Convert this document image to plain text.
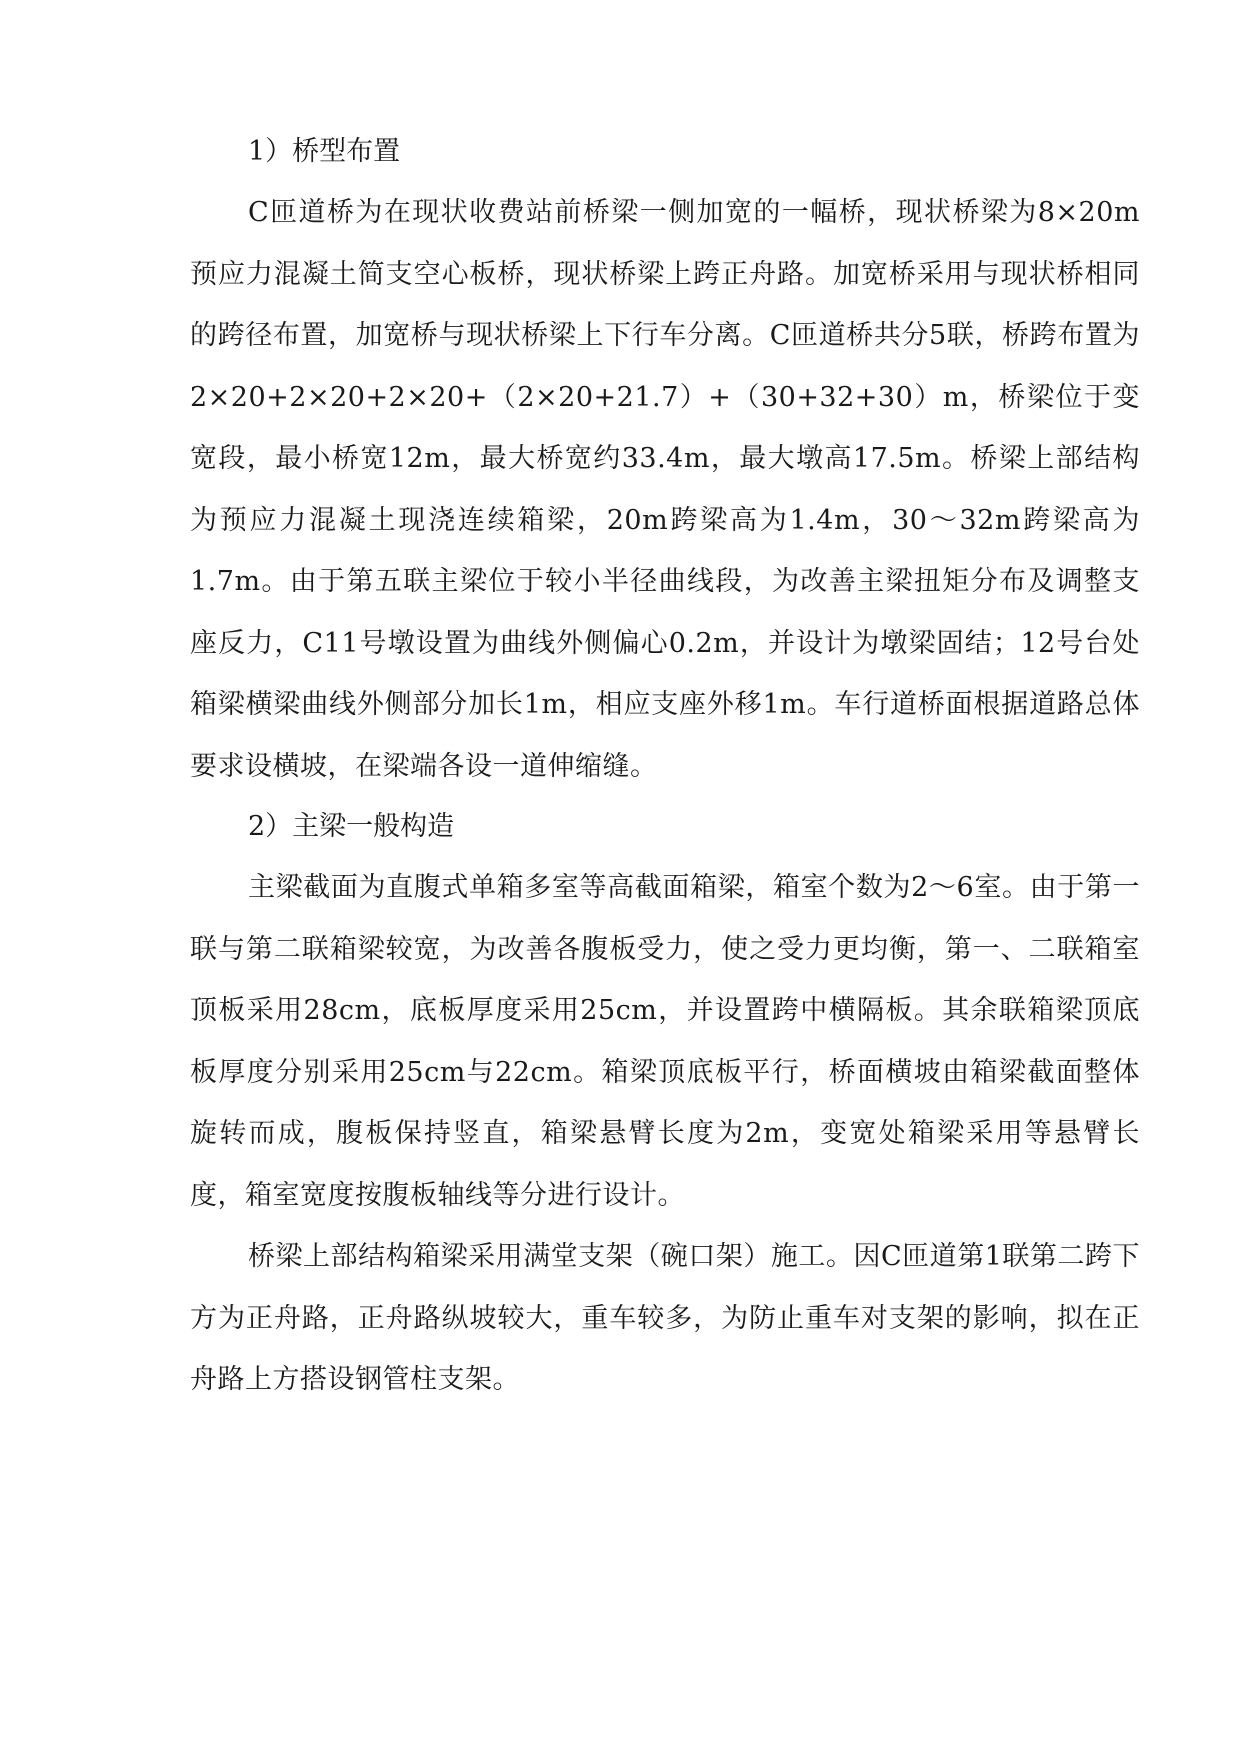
1）桥型布置

C匝道桥为在现状收费站前桥梁一侧加宽的一幅桥，现状桥梁为8×20m预应力混凝土简支空心板桥，现状桥梁上跨正舟路。加宽桥采用与现状桥相同的跨径布置，加宽桥与现状桥梁上下行车分离。C匝道桥共分5联，桥跨布置为2×20+2×20+2×20+（2×20+21.7）+（30+32+30）m，桥梁位于变宽段，最小桥宽12m，最大桥宽约33.4m，最大墩高17.5m。桥梁上部结构为预应力混凝土现浇连续箱梁，20m跨梁高为1.4m，30～32m跨梁高为1.7m。由于第五联主梁位于较小半径曲线段，为改善主梁扭矩分布及调整支座反力，C11号墩设置为曲线外侧偏心0.2m，并设计为墩梁固结；12号台处箱梁横梁曲线外侧部分加长1m，相应支座外移1m。车行道桥面根据道路总体要求设横坡，在梁端各设一道伸缩缝。

2）主梁一般构造

主梁截面为直腹式单箱多室等高截面箱梁，箱室个数为2～6室。由于第一联与第二联箱梁较宽，为改善各腹板受力，使之受力更均衡，第一、二联箱室顶板采用28cm，底板厚度采用25cm，并设置跨中横隔板。其余联箱梁顶底板厚度分别采用25cm与22cm。箱梁顶底板平行，桥面横坡由箱梁截面整体旋转而成，腹板保持竖直，箱梁悬臂长度为2m，变宽处箱梁采用等悬臂长度，箱室宽度按腹板轴线等分进行设计。

桥梁上部结构箱梁采用满堂支架（碗口架）施工。因C匝道第1联第二跨下方为正舟路，正舟路纵坡较大，重车较多，为防止重车对支架的影响，拟在正舟路上方搭设钢管柱支架。
